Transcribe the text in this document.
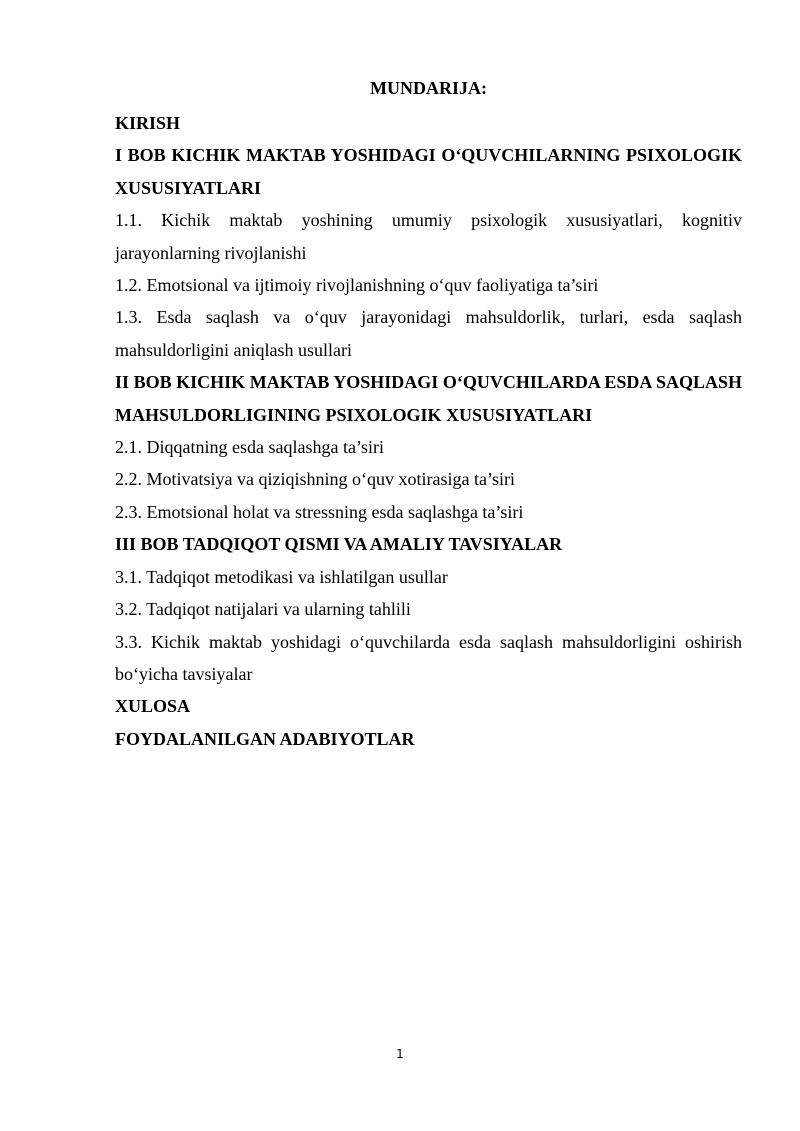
MUNDARIJA:

KIRISH

I BOB KICHIK MAKTAB YOSHIDAGI O‘QUVCHILARNING PSIXOLOGIK XUSUSIYATLARI

1.1. Kichik maktab yoshining umumiy psixologik xususiyatlari, kognitiv jarayonlarning rivojlanishi

1.2. Emotsional va ijtimoiy rivojlanishning o‘quv faoliyatiga ta’siri

1.3. Esda saqlash va o‘quv jarayonidagi mahsuldorlik, turlari, esda saqlash mahsuldorligini aniqlash usullari

II BOB KICHIK MAKTAB YOSHIDAGI O‘QUVCHILARDA ESDA SAQLASH MAHSULDORLIGINING PSIXOLOGIK XUSUSIYATLARI

2.1. Diqqatning esda saqlashga ta’siri

2.2. Motivatsiya va qiziqishning o‘quv xotirasiga ta’siri

2.3. Emotsional holat va stressning esda saqlashga ta’siri

III BOB TADQIQOT QISMI VA AMALIY TAVSIYALAR

3.1. Tadqiqot metodikasi va ishlatilgan usullar

3.2. Tadqiqot natijalari va ularning tahlili

3.3. Kichik maktab yoshidagi o‘quvchilarda esda saqlash mahsuldorligini oshirish bo‘yicha tavsiyalar

XULOSA

FOYDALANILGAN ADABIYOTLAR

1
